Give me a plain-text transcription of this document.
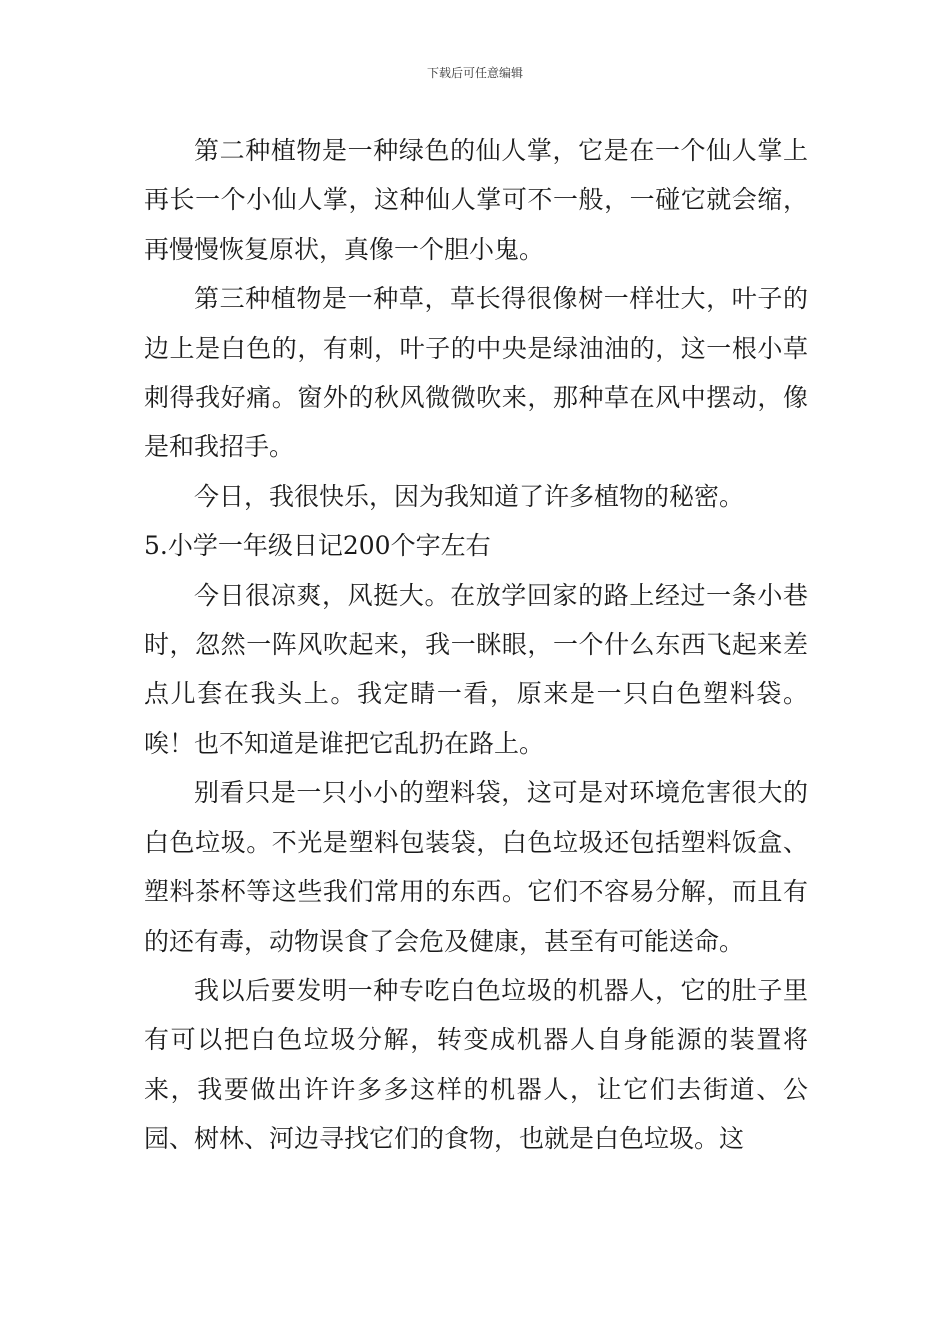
下载后可任意编辑

第二种植物是一种绿色的仙人掌，它是在一个仙人掌上再长一个小仙人掌，这种仙人掌可不一般，一碰它就会缩，再慢慢恢复原状，真像一个胆小鬼。

第三种植物是一种草，草长得很像树一样壮大，叶子的边上是白色的，有刺，叶子的中央是绿油油的，这一根小草刺得我好痛。窗外的秋风微微吹来，那种草在风中摆动，像是和我招手。

今日，我很快乐，因为我知道了许多植物的秘密。

5.小学一年级日记200个字左右

今日很凉爽，风挺大。在放学回家的路上经过一条小巷时，忽然一阵风吹起来，我一眯眼，一个什么东西飞起来差点儿套在我头上。我定睛一看，原来是一只白色塑料袋。唉！也不知道是谁把它乱扔在路上。

别看只是一只小小的塑料袋，这可是对环境危害很大的白色垃圾。不光是塑料包装袋，白色垃圾还包括塑料饭盒、塑料茶杯等这些我们常用的东西。它们不容易分解，而且有的还有毒，动物误食了会危及健康，甚至有可能送命。

我以后要发明一种专吃白色垃圾的机器人，它的肚子里有可以把白色垃圾分解，转变成机器人自身能源的装置将来，我要做出许许多多这样的机器人，让它们去街道、公园、树林、河边寻找它们的食物，也就是白色垃圾。这
